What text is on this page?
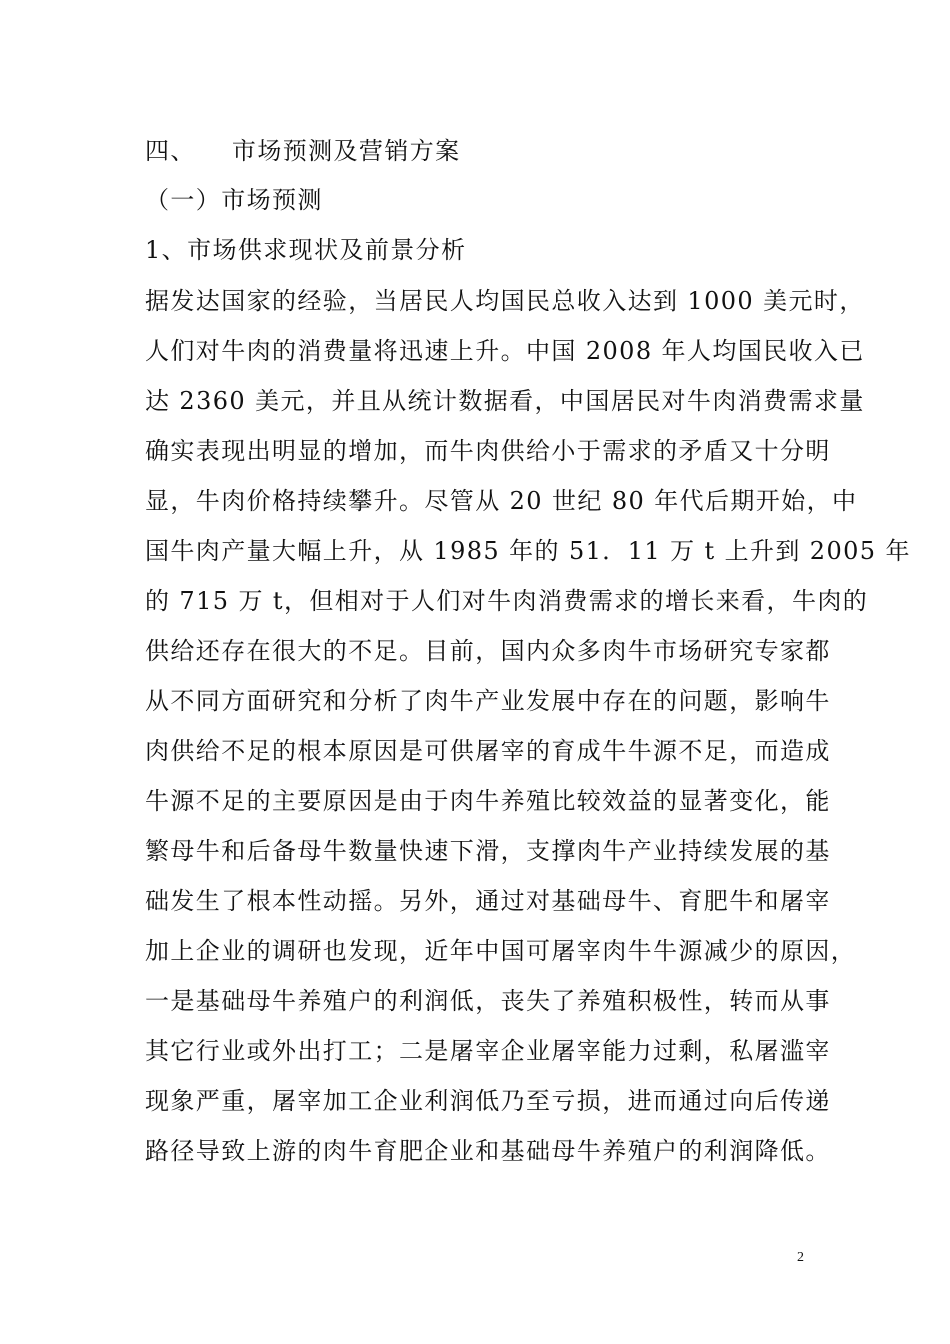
四、    市场预测及营销方案
（一）市场预测
1、市场供求现状及前景分析
据发达国家的经验，当居民人均国民总收入达到 1000 美元时，
人们对牛肉的消费量将迅速上升。中国 2008 年人均国民收入已
达 2360 美元，并且从统计数据看，中国居民对牛肉消费需求量
确实表现出明显的增加，而牛肉供给小于需求的矛盾又十分明
显，牛肉价格持续攀升。尽管从 20 世纪 80 年代后期开始，中
国牛肉产量大幅上升，从 1985 年的 51．11 万 t 上升到 2005 年
的 715 万 t，但相对于人们对牛肉消费需求的增长来看，牛肉的
供给还存在很大的不足。目前，国内众多肉牛市场研究专家都
从不同方面研究和分析了肉牛产业发展中存在的问题，影响牛
肉供给不足的根本原因是可供屠宰的育成牛牛源不足，而造成
牛源不足的主要原因是由于肉牛养殖比较效益的显著变化，能
繁母牛和后备母牛数量快速下滑，支撑肉牛产业持续发展的基
础发生了根本性动摇。另外，通过对基础母牛、育肥牛和屠宰
加上企业的调研也发现，近年中国可屠宰肉牛牛源减少的原因，
一是基础母牛养殖户的利润低，丧失了养殖积极性，转而从事
其它行业或外出打工；二是屠宰企业屠宰能力过剩，私屠滥宰
现象严重，屠宰加工企业利润低乃至亏损，进而通过向后传递
路径导致上游的肉牛育肥企业和基础母牛养殖户的利润降低。
2
